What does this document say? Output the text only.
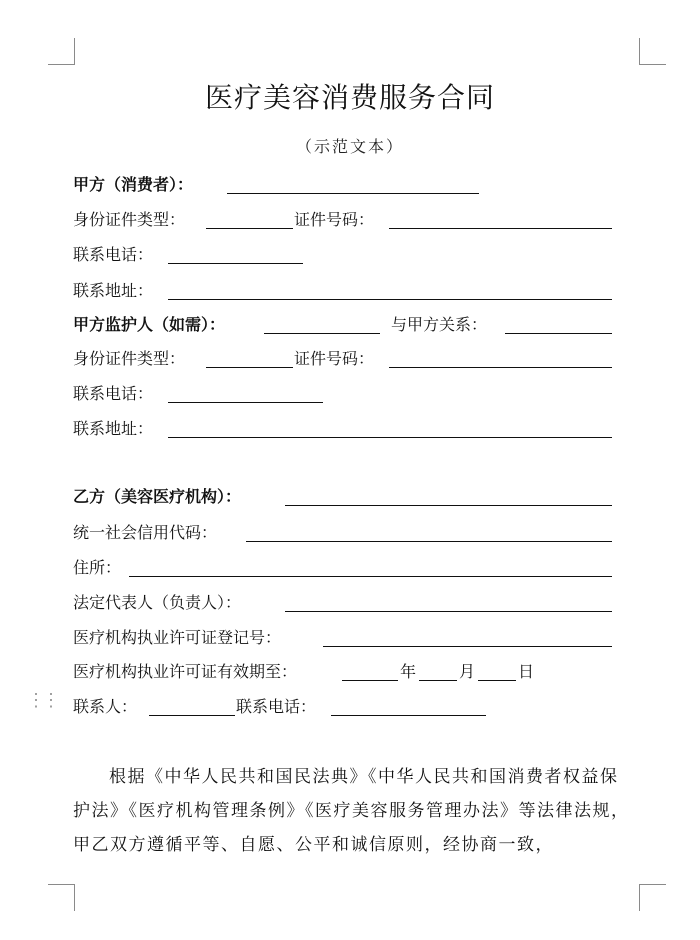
⋮⋮
医疗美容消费服务合同
（示范文本）
甲方（消费者）：
身份证件类型：	证件号码：
联系电话：
联系地址：
甲方监护人（如需）：	与甲方关系：
身份证件类型：	证件号码：
联系电话：
联系地址：
乙方（美容医疗机构）：
统一社会信用代码：
住所：
法定代表人（负责人）：
医疗机构执业许可证登记号：
医疗机构执业许可证有效期至：	年	月	日
联系人：	联系电话：
根据《中华人民共和国民法典》《中华人民共和国消费者权益保护法》《医疗机构管理条例》《医疗美容服务管理办法》等法律法规，甲乙双方遵循平等、自愿、公平和诚信原则，经协商一致，
